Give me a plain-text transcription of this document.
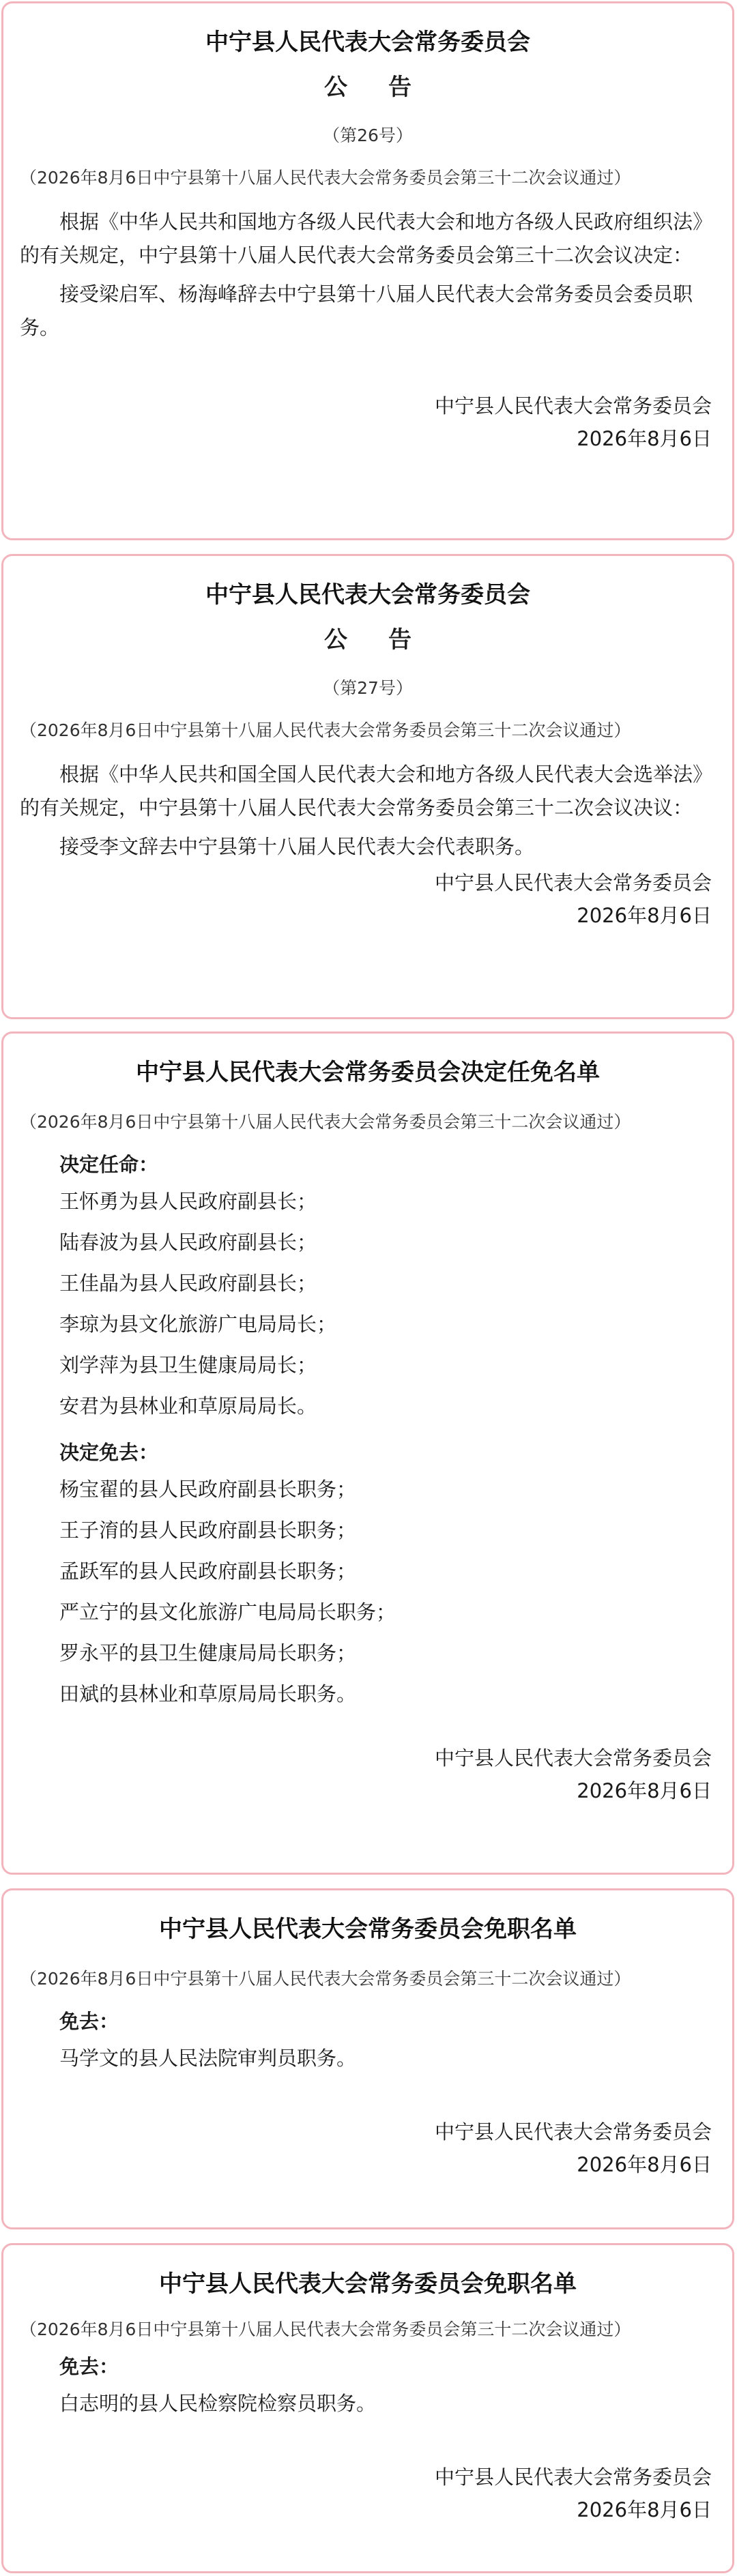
中宁县人民代表大会常务委员会
公告
（第26号）
（2026年8月6日中宁县第十八届人民代表大会常务委员会第三十二次会议通过）

根据《中华人民共和国地方各级人民代表大会和地方各级人民政府组织法》的有关规定，中宁县第十八届人民代表大会常务委员会第三十二次会议决定：

接受梁启军、杨海峰辞去中宁县第十八届人民代表大会常务委员会委员职务。

中宁县人民代表大会常务委员会
2026年8月6日
中宁县人民代表大会常务委员会
公告
（第27号）
（2026年8月6日中宁县第十八届人民代表大会常务委员会第三十二次会议通过）

根据《中华人民共和国全国人民代表大会和地方各级人民代表大会选举法》的有关规定，中宁县第十八届人民代表大会常务委员会第三十二次会议决议：

接受李文辞去中宁县第十八届人民代表大会代表职务。

中宁县人民代表大会常务委员会
2026年8月6日
中宁县人民代表大会常务委员会决定任免名单
（2026年8月6日中宁县第十八届人民代表大会常务委员会第三十二次会议通过）
决定任命：
王怀勇为县人民政府副县长；
陆春波为县人民政府副县长；
王佳晶为县人民政府副县长；
李琼为县文化旅游广电局局长；
刘学萍为县卫生健康局局长；
安君为县林业和草原局局长。
决定免去：
杨宝翟的县人民政府副县长职务；
王子淯的县人民政府副县长职务；
孟跃军的县人民政府副县长职务；
严立宁的县文化旅游广电局局长职务；
罗永平的县卫生健康局局长职务；
田斌的县林业和草原局局长职务。
中宁县人民代表大会常务委员会
2026年8月6日
中宁县人民代表大会常务委员会免职名单
（2026年8月6日中宁县第十八届人民代表大会常务委员会第三十二次会议通过）
免去：
马学文的县人民法院审判员职务。
中宁县人民代表大会常务委员会
2026年8月6日
中宁县人民代表大会常务委员会免职名单
（2026年8月6日中宁县第十八届人民代表大会常务委员会第三十二次会议通过）
免去：
白志明的县人民检察院检察员职务。
中宁县人民代表大会常务委员会
2026年8月6日
